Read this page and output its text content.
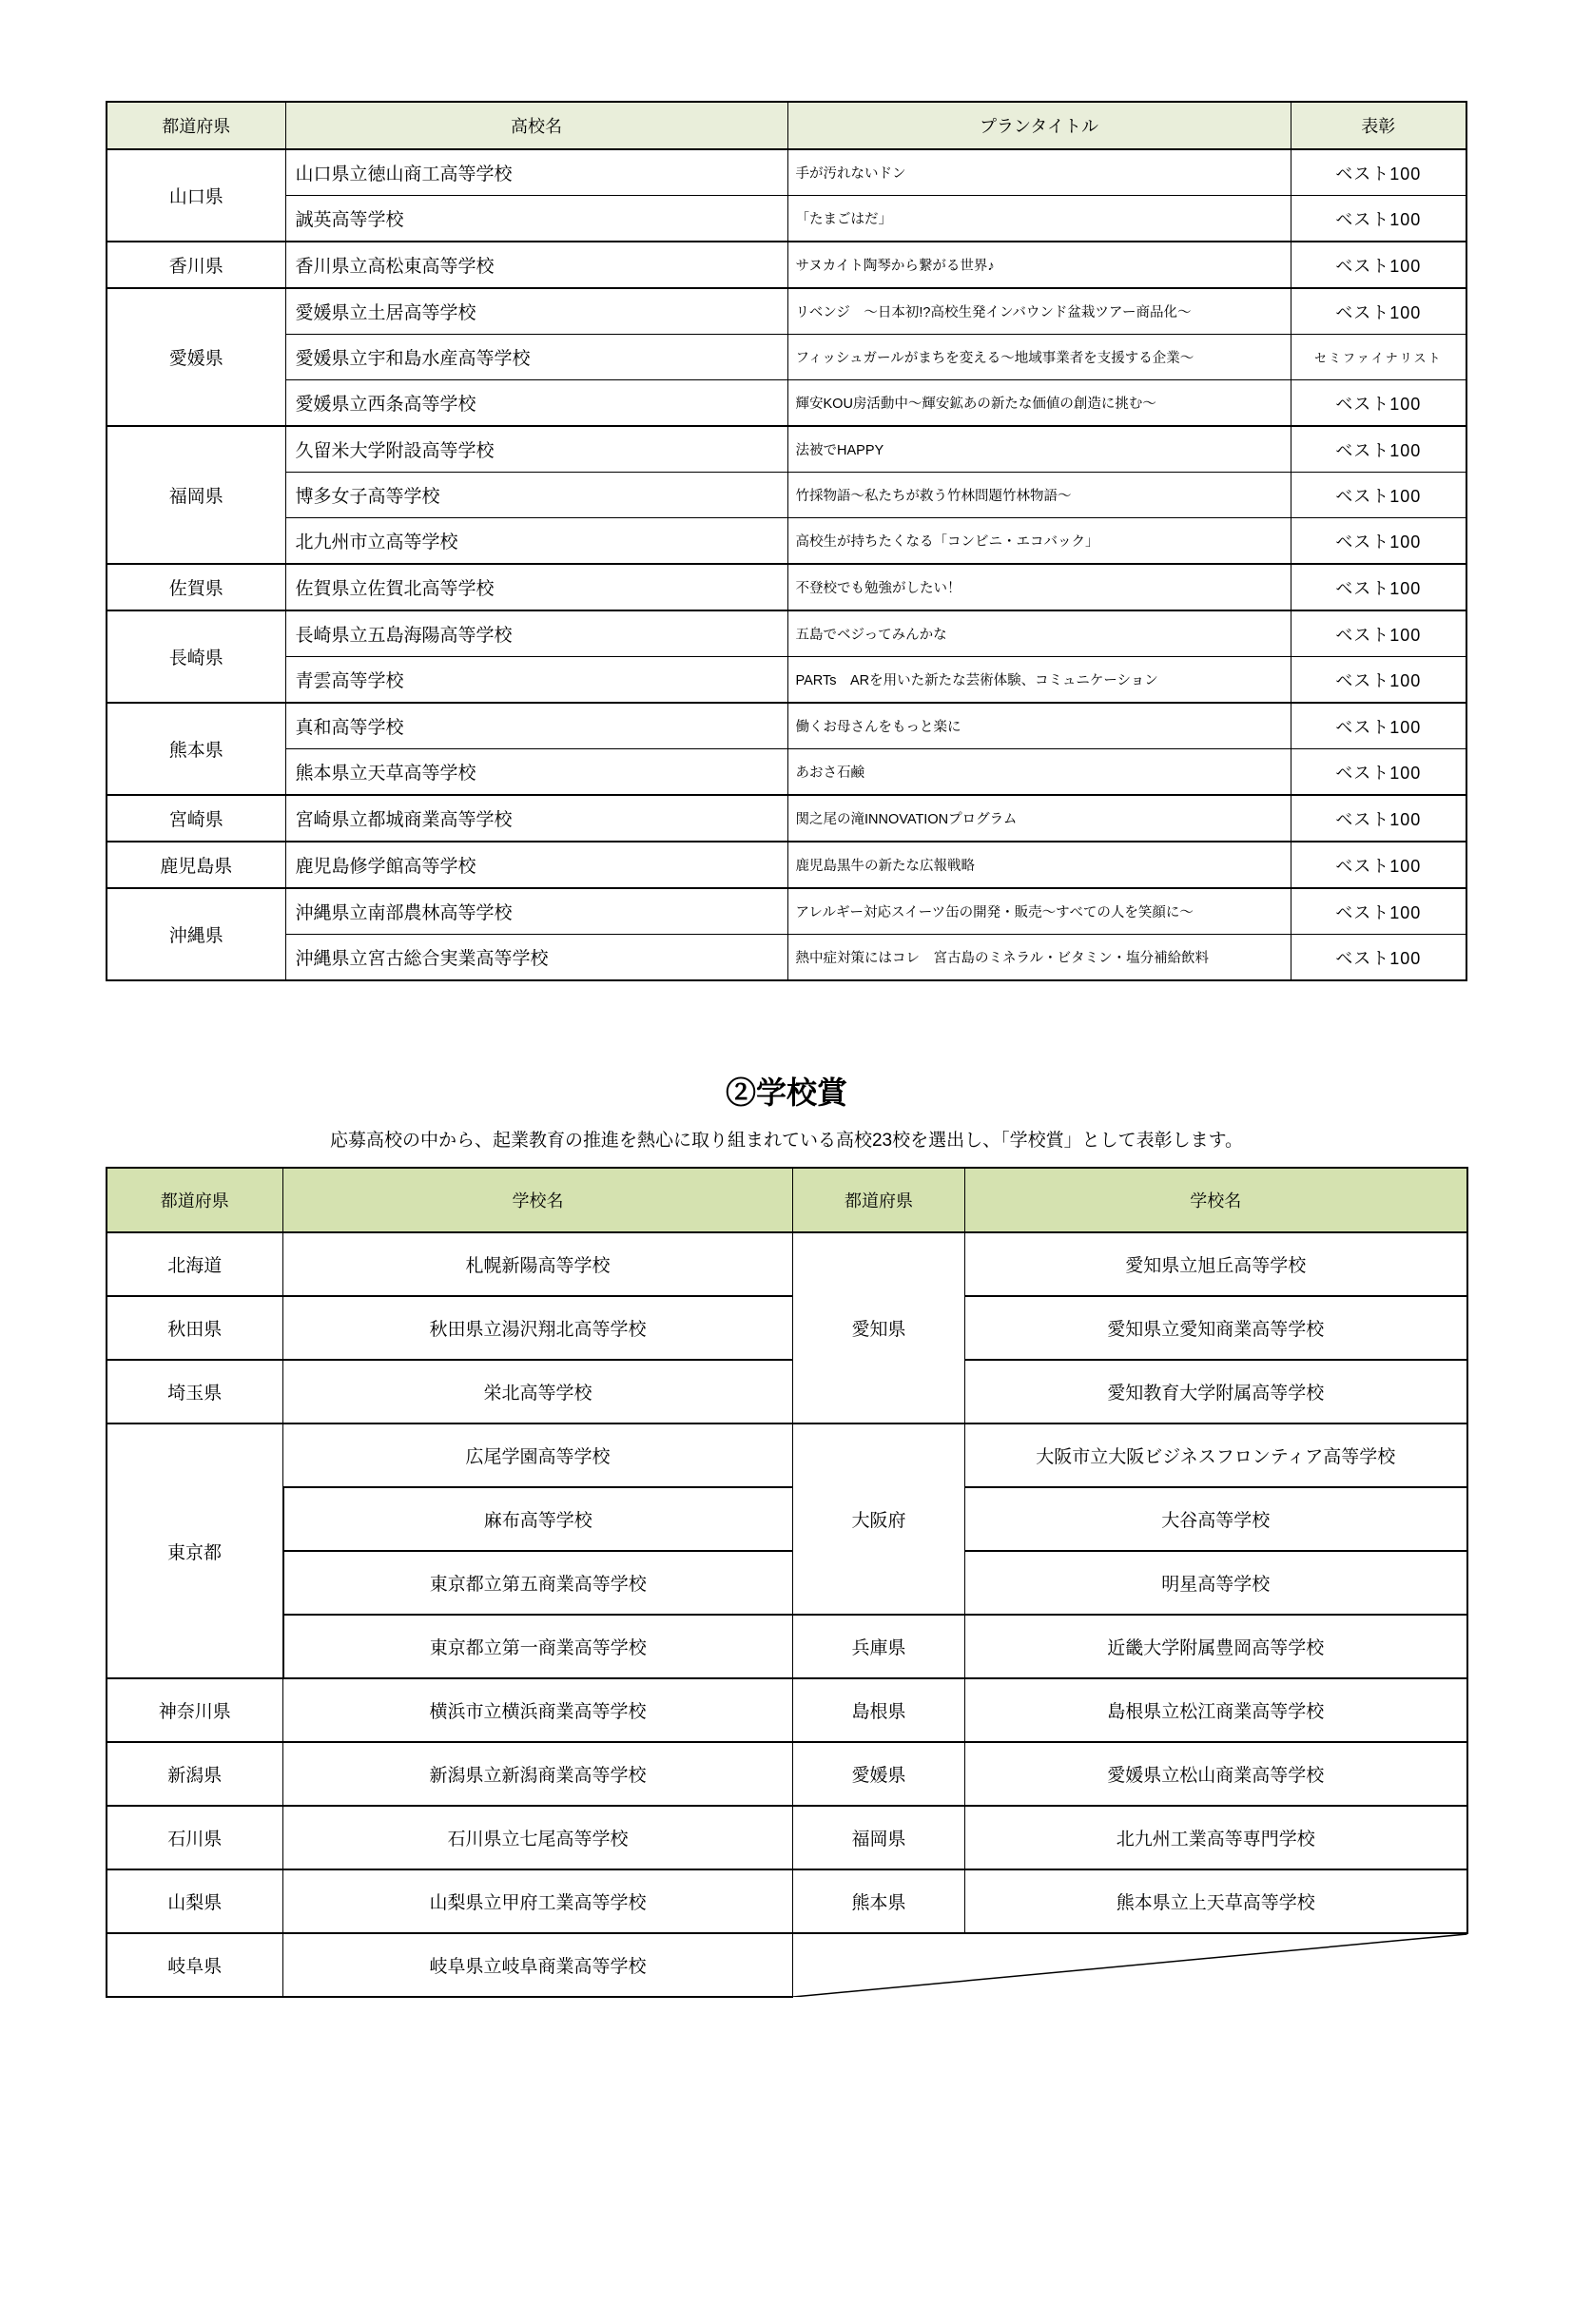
都道府県	高校名	プランタイトル	表彰
山口県	山口県立徳山商工高等学校	手が汚れないドン	ベスト100
	誠英高等学校	「たまごはだ」	ベスト100
香川県	香川県立高松東高等学校	サヌカイト陶琴から繋がる世界♪	ベスト100
愛媛県	愛媛県立土居高等学校	リベンジ　～日本初!?高校生発インバウンド盆栽ツアー商品化～	ベスト100
	愛媛県立宇和島水産高等学校	フィッシュガールがまちを変える～地域事業者を支援する企業～	セミファイナリスト
	愛媛県立西条高等学校	輝安KOU房活動中～輝安鉱あの新たな価値の創造に挑む～	ベスト100
福岡県	久留米大学附設高等学校	法被でHAPPY	ベスト100
	博多女子高等学校	竹採物語～私たちが救う竹林問題竹林物語～	ベスト100
	北九州市立高等学校	高校生が持ちたくなる「コンビニ・エコバック」	ベスト100
佐賀県	佐賀県立佐賀北高等学校	不登校でも勉強がしたい！	ベスト100
長崎県	長崎県立五島海陽高等学校	五島でベジってみんかな	ベスト100
	青雲高等学校	PARTs　ARを用いた新たな芸術体験、コミュニケーション	ベスト100
熊本県	真和高等学校	働くお母さんをもっと楽に	ベスト100
	熊本県立天草高等学校	あおさ石鹸	ベスト100
宮崎県	宮崎県立都城商業高等学校	関之尾の滝INNOVATIONプログラム	ベスト100
鹿児島県	鹿児島修学館高等学校	鹿児島黒牛の新たな広報戦略	ベスト100
沖縄県	沖縄県立南部農林高等学校	アレルギー対応スイーツ缶の開発・販売～すべての人を笑顔に～	ベスト100
	沖縄県立宮古総合実業高等学校	熱中症対策にはコレ　宮古島のミネラル・ビタミン・塩分補給飲料	ベスト100
②学校賞
応募高校の中から、起業教育の推進を熱心に取り組まれている高校23校を選出し、「学校賞」として表彰します。
都道府県	学校名	都道府県	学校名
北海道	札幌新陽高等学校	愛知県	愛知県立旭丘高等学校
秋田県	秋田県立湯沢翔北高等学校		愛知県立愛知商業高等学校
埼玉県	栄北高等学校		愛知教育大学附属高等学校
東京都	広尾学園高等学校	大阪府	大阪市立大阪ビジネスフロンティア高等学校
	麻布高等学校		大谷高等学校
	東京都立第五商業高等学校		明星高等学校
	東京都立第一商業高等学校	兵庫県	近畿大学附属豊岡高等学校
神奈川県	横浜市立横浜商業高等学校	島根県	島根県立松江商業高等学校
新潟県	新潟県立新潟商業高等学校	愛媛県	愛媛県立松山商業高等学校
石川県	石川県立七尾高等学校	福岡県	北九州工業高等専門学校
山梨県	山梨県立甲府工業高等学校	熊本県	熊本県立上天草高等学校
岐阜県	岐阜県立岐阜商業高等学校	
